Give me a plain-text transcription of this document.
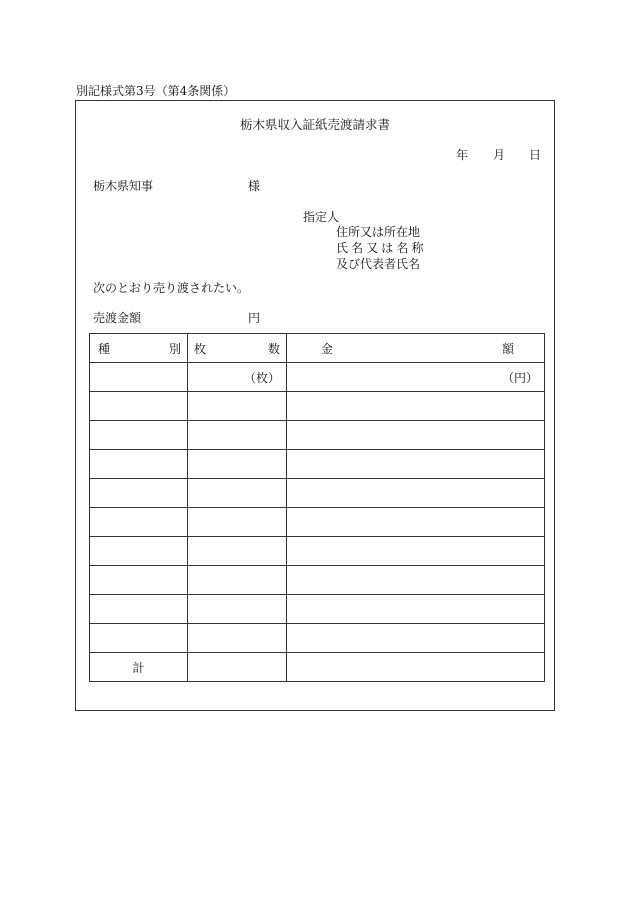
別記様式第3号（第4条関係）
栃木県収入証紙売渡請求書
年 月 日
栃木県知事	様
指定人
住所又は所在地
氏名又は名称
及び代表者氏名
次のとおり売り渡されたい。
売渡金額	円
種 別	枚 数	金 額

	（枚）	（円）

計		
